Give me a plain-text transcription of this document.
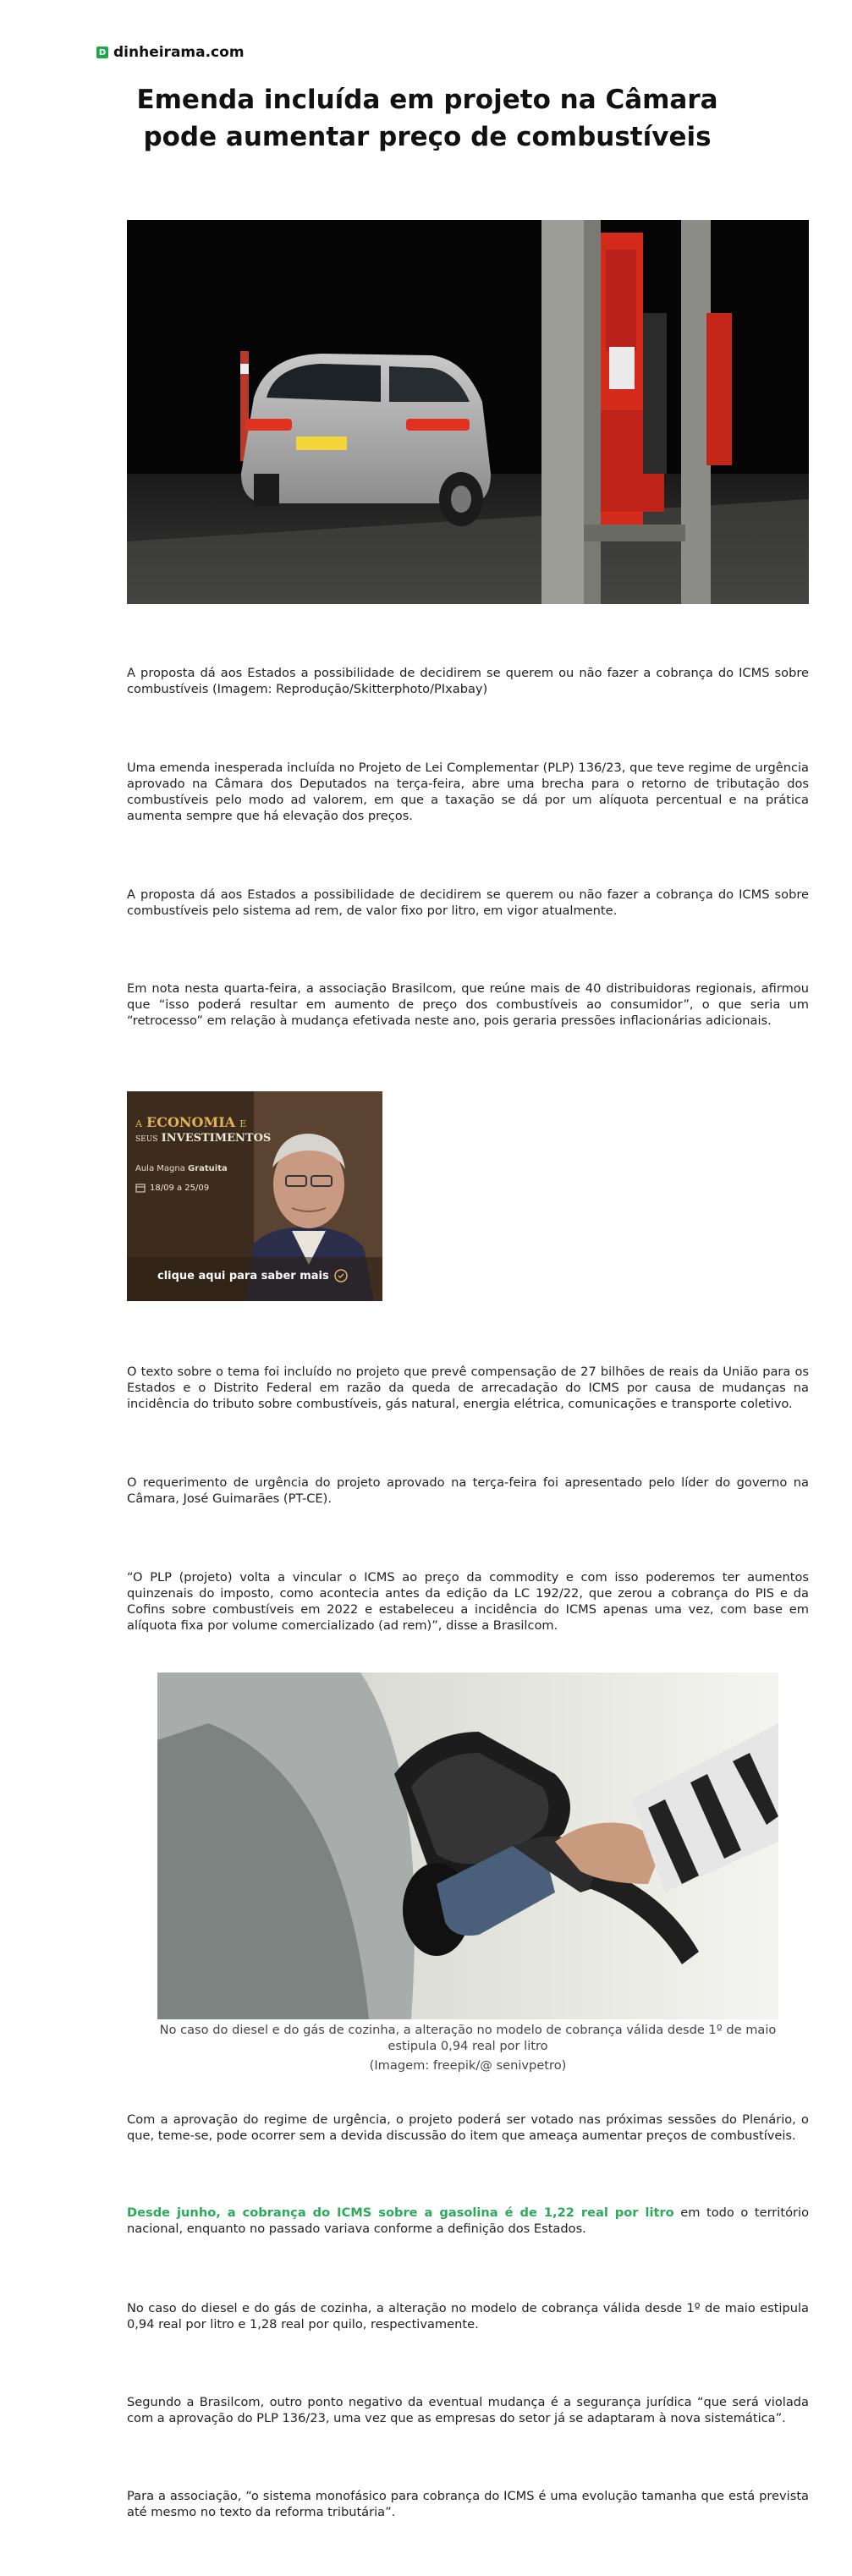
D dinheirama.com
Emenda incluída em projeto na Câmara pode aumentar preço de combustíveis

A proposta dá aos Estados a possibilidade de decidirem se querem ou não fazer a cobrança do ICMS sobre combustíveis (Imagem: Reprodução/Skitterphoto/PIxabay)

Uma emenda inesperada incluída no Projeto de Lei Complementar (PLP) 136/23, que teve regime de urgência aprovado na Câmara dos Deputados na terça-feira, abre uma brecha para o retorno de tributação dos combustíveis pelo modo ad valorem, em que a taxação se dá por um alíquota percentual e na prática aumenta sempre que há elevação dos preços.

A proposta dá aos Estados a possibilidade de decidirem se querem ou não fazer a cobrança do ICMS sobre combustíveis pelo sistema ad rem, de valor fixo por litro, em vigor atualmente.

Em nota nesta quarta-feira, a associação Brasilcom, que reúne mais de 40 distribuidoras regionais, afirmou que “isso poderá resultar em aumento de preço dos combustíveis ao consumidor”, o que seria um “retrocesso” em relação à mudança efetivada neste ano, pois geraria pressões inflacionárias adicionais.

A ECONOMIA E
SEUS INVESTIMENTOS
Aula Magna Gratuita
18/09 a 25/09
clique aqui para saber mais

O texto sobre o tema foi incluído no projeto que prevê compensação de 27 bilhões de reais da União para os Estados e o Distrito Federal em razão da queda de arrecadação do ICMS por causa de mudanças na incidência do tributo sobre combustíveis, gás natural, energia elétrica, comunicações e transporte coletivo.

O requerimento de urgência do projeto aprovado na terça-feira foi apresentado pelo líder do governo na Câmara, José Guimarães (PT-CE).

“O PLP (projeto) volta a vincular o ICMS ao preço da commodity e com isso poderemos ter aumentos quinzenais do imposto, como acontecia antes da edição da LC 192/22, que zerou a cobrança do PIS e da Cofins sobre combustíveis em 2022 e estabeleceu a incidência do ICMS apenas uma vez, com base em alíquota fixa por volume comercializado (ad rem)”, disse a Brasilcom.

No caso do diesel e do gás de cozinha, a alteração no modelo de cobrança válida desde 1º de maio estipula 0,94 real por litro

(Imagem: freepik/@ senivpetro)

Com a aprovação do regime de urgência, o projeto poderá ser votado nas próximas sessões do Plenário, o que, teme-se, pode ocorrer sem a devida discussão do item que ameaça aumentar preços de combustíveis.

Desde junho, a cobrança do ICMS sobre a gasolina é de 1,22 real por litro em todo o território nacional, enquanto no passado variava conforme a definição dos Estados.

No caso do diesel e do gás de cozinha, a alteração no modelo de cobrança válida desde 1º de maio estipula 0,94 real por litro e 1,28 real por quilo, respectivamente.

Segundo a Brasilcom, outro ponto negativo da eventual mudança é a segurança jurídica “que será violada com a aprovação do PLP 136/23, uma vez que as empresas do setor já se adaptaram à nova sistemática”.

Para a associação, “o sistema monofásico para cobrança do ICMS é uma evolução tamanha que está prevista até mesmo no texto da reforma tributária”.
